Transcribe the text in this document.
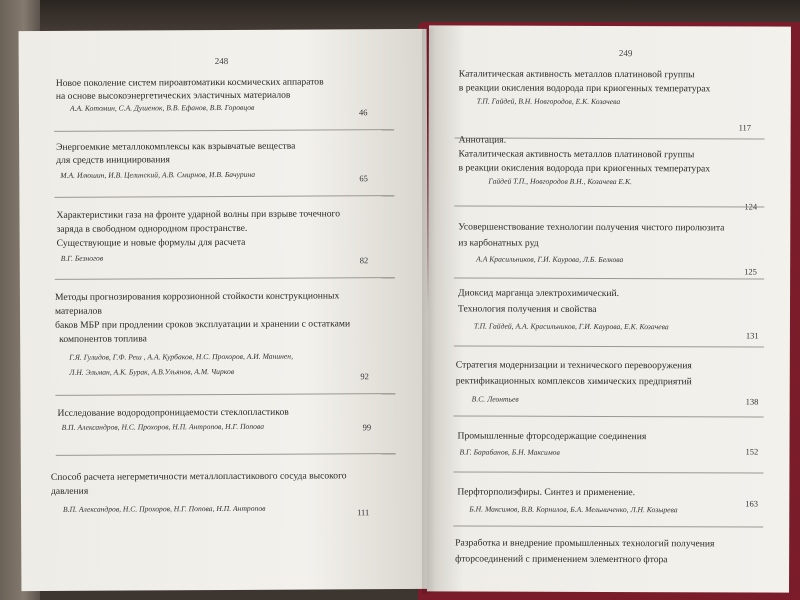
248
Новое поколение систем пироавтоматики космических аппаратов
на основе высокоэнергетических эластичных материалов
А.А. Котомин, С.А. Душенок, В.В. Ефанов, В.В. Горовцов	46
Энергоемкие металлокомплексы как взрывчатые вещества
для средств инициирования
М.А. Илюшин, И.В. Целинский, А.В. Смирнов, И.В. Бачурина	65
Характеристики газа на фронте ударной волны при взрыве точечного
заряда в свободном однородном пространстве.
Существующие и новые формулы для расчета
В.Г. Безногов	82
Методы прогнозирования коррозионной стойкости конструкционных
материалов
баков МБР при продлении сроков эксплуатации и хранении с остатками
компонентов топлива
Г.Я. Гулидов, Г.Ф. Реш , А.А. Курбаков, Н.С. Прохоров, А.И. Манинен,
Л.Н. Эльман, А.К. Бурак, А.В.Ульянов, А.М. Чирков	92
Исследование водородопроницаемости стеклопластиков
В.П. Александров, Н.С. Прохоров, Н.П. Антропов, Н.Г. Попова	99
Способ расчета негерметичности металлопластикового сосуда высокого
давления
В.П. Александров, Н.С. Прохоров, Н.Г. Попова, Н.П. Антропов	111
249
Каталитическая активность металлов платиновой группы
в реакции окисления водорода при криогенных температурах
Т.П. Гайдей, В.Н. Новгородов, Е.К. Козачева
117
Аннотация.
Каталитическая активность металлов платиновой группы
в реакции окисления водорода при криогенных температурах
Гайдей Т.П., Новгородов В.Н., Козачева Е.К.
124
Усовершенствование технологии получения чистого пиролюзита
из карбонатных руд
А.А Красильников, Г.И. Каурова, Л.Б. Белкова
125
Диоксид марганца электрохимический.
Технология получения и свойства
Т.П. Гайдей, А.А. Красильников, Г.И. Каурова, Е.К. Козачева
131
Стратегия модернизации и технического перевооружения
ректификационных комплексов химических предприятий
В.С. Леонтьев	138
Промышленные фторсодержащие соединения
В.Г. Барабанов, Б.Н. Максимов	152
Перфторполиэфиры. Синтез и применение.
Б.Н. Максимов, В.В. Корнилов, Б.А. Мельниченко, Л.Н. Козырева
163
Разработка и внедрение промышленных технологий получения
фторсоединений с применением элементного фтора
